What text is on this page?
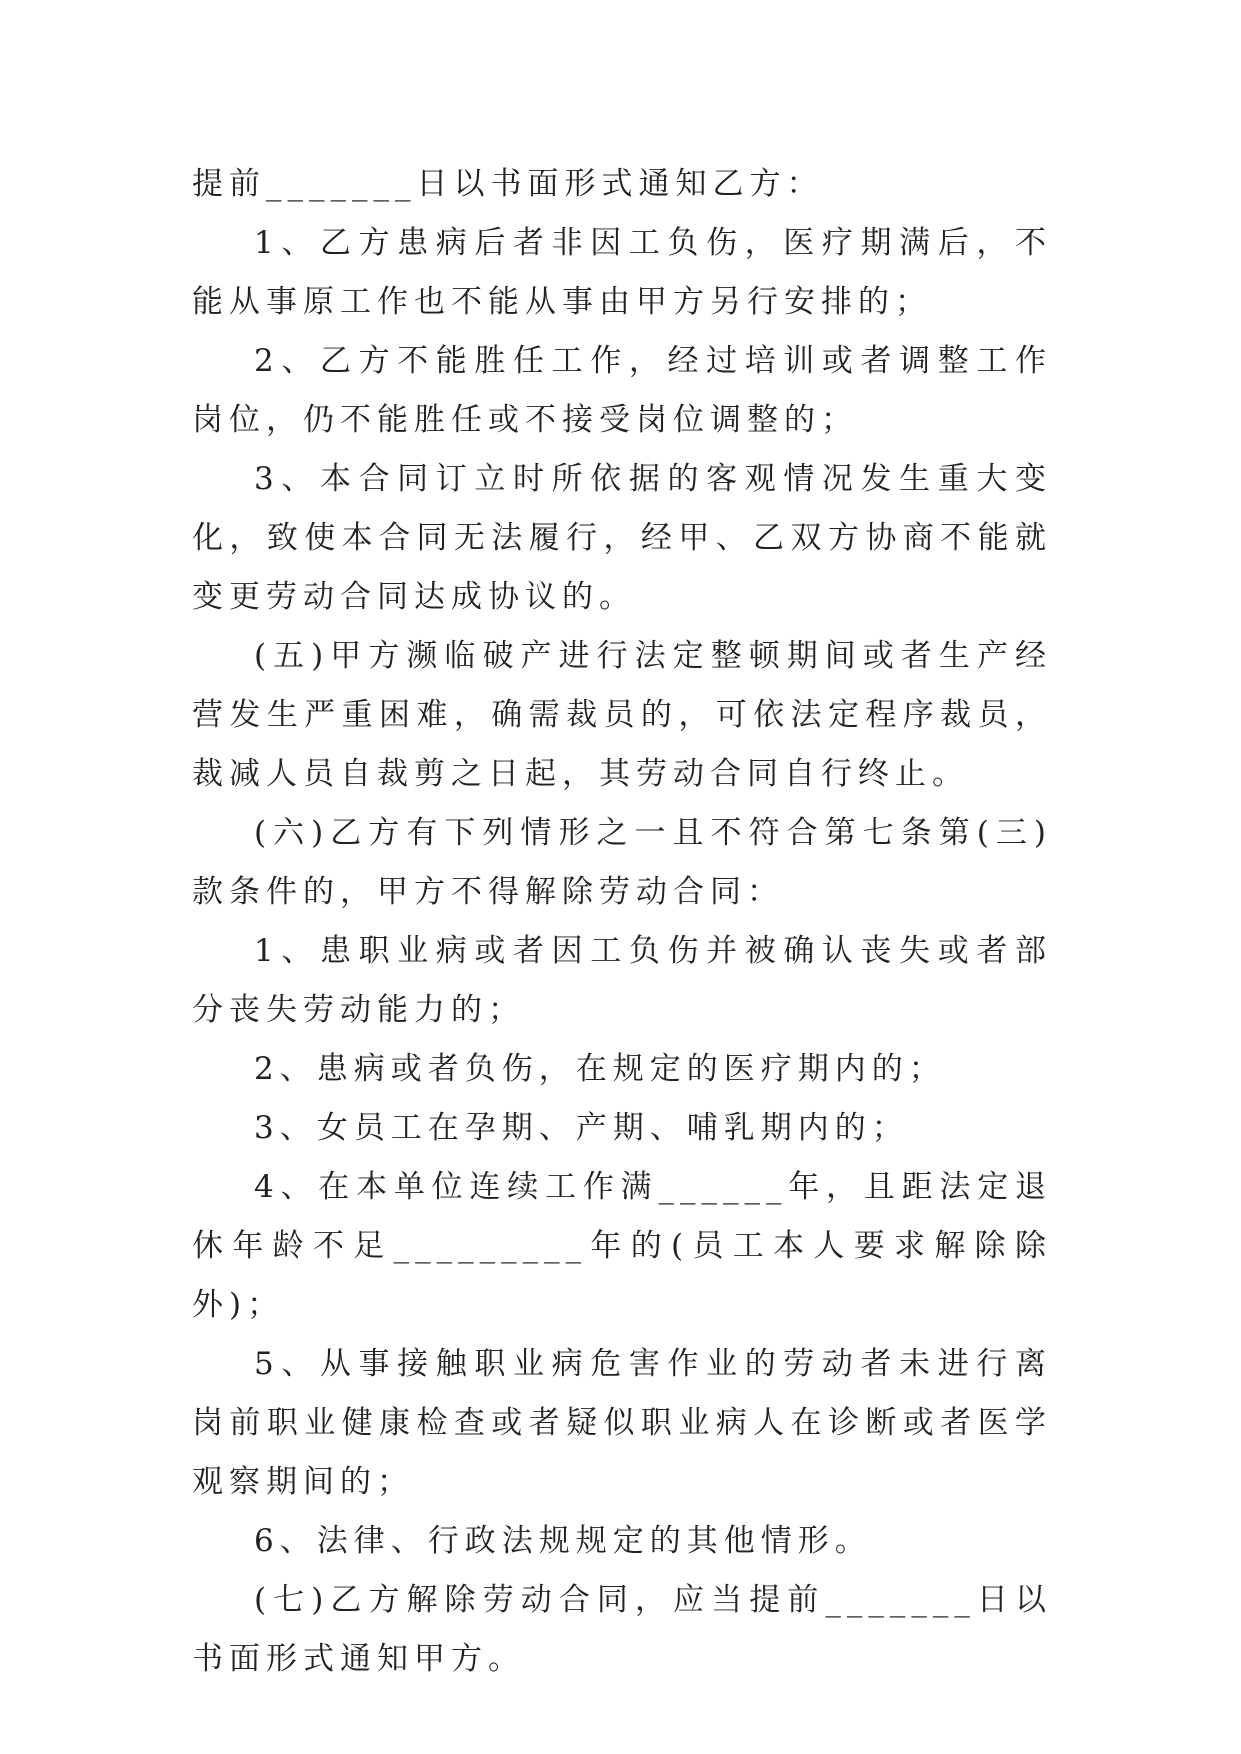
提前_______日以书面形式通知乙方：

1、乙方患病后者非因工负伤，医疗期满后，不能从事原工作也不能从事由甲方另行安排的；

2、乙方不能胜任工作，经过培训或者调整工作岗位，仍不能胜任或不接受岗位调整的；

3、本合同订立时所依据的客观情况发生重大变化，致使本合同无法履行，经甲、乙双方协商不能就变更劳动合同达成协议的。

(五)甲方濒临破产进行法定整顿期间或者生产经营发生严重困难，确需裁员的，可依法定程序裁员，裁减人员自裁剪之日起，其劳动合同自行终止。

(六)乙方有下列情形之一且不符合第七条第(三)款条件的，甲方不得解除劳动合同：

1、患职业病或者因工负伤并被确认丧失或者部分丧失劳动能力的；

2、患病或者负伤，在规定的医疗期内的；

3、女员工在孕期、产期、哺乳期内的；

4、在本单位连续工作满______年，且距法定退休年龄不足_________年的(员工本人要求解除除外)；

5、从事接触职业病危害作业的劳动者未进行离岗前职业健康检查或者疑似职业病人在诊断或者医学观察期间的；

6、法律、行政法规规定的其他情形。

(七)乙方解除劳动合同，应当提前_______日以书面形式通知甲方。
